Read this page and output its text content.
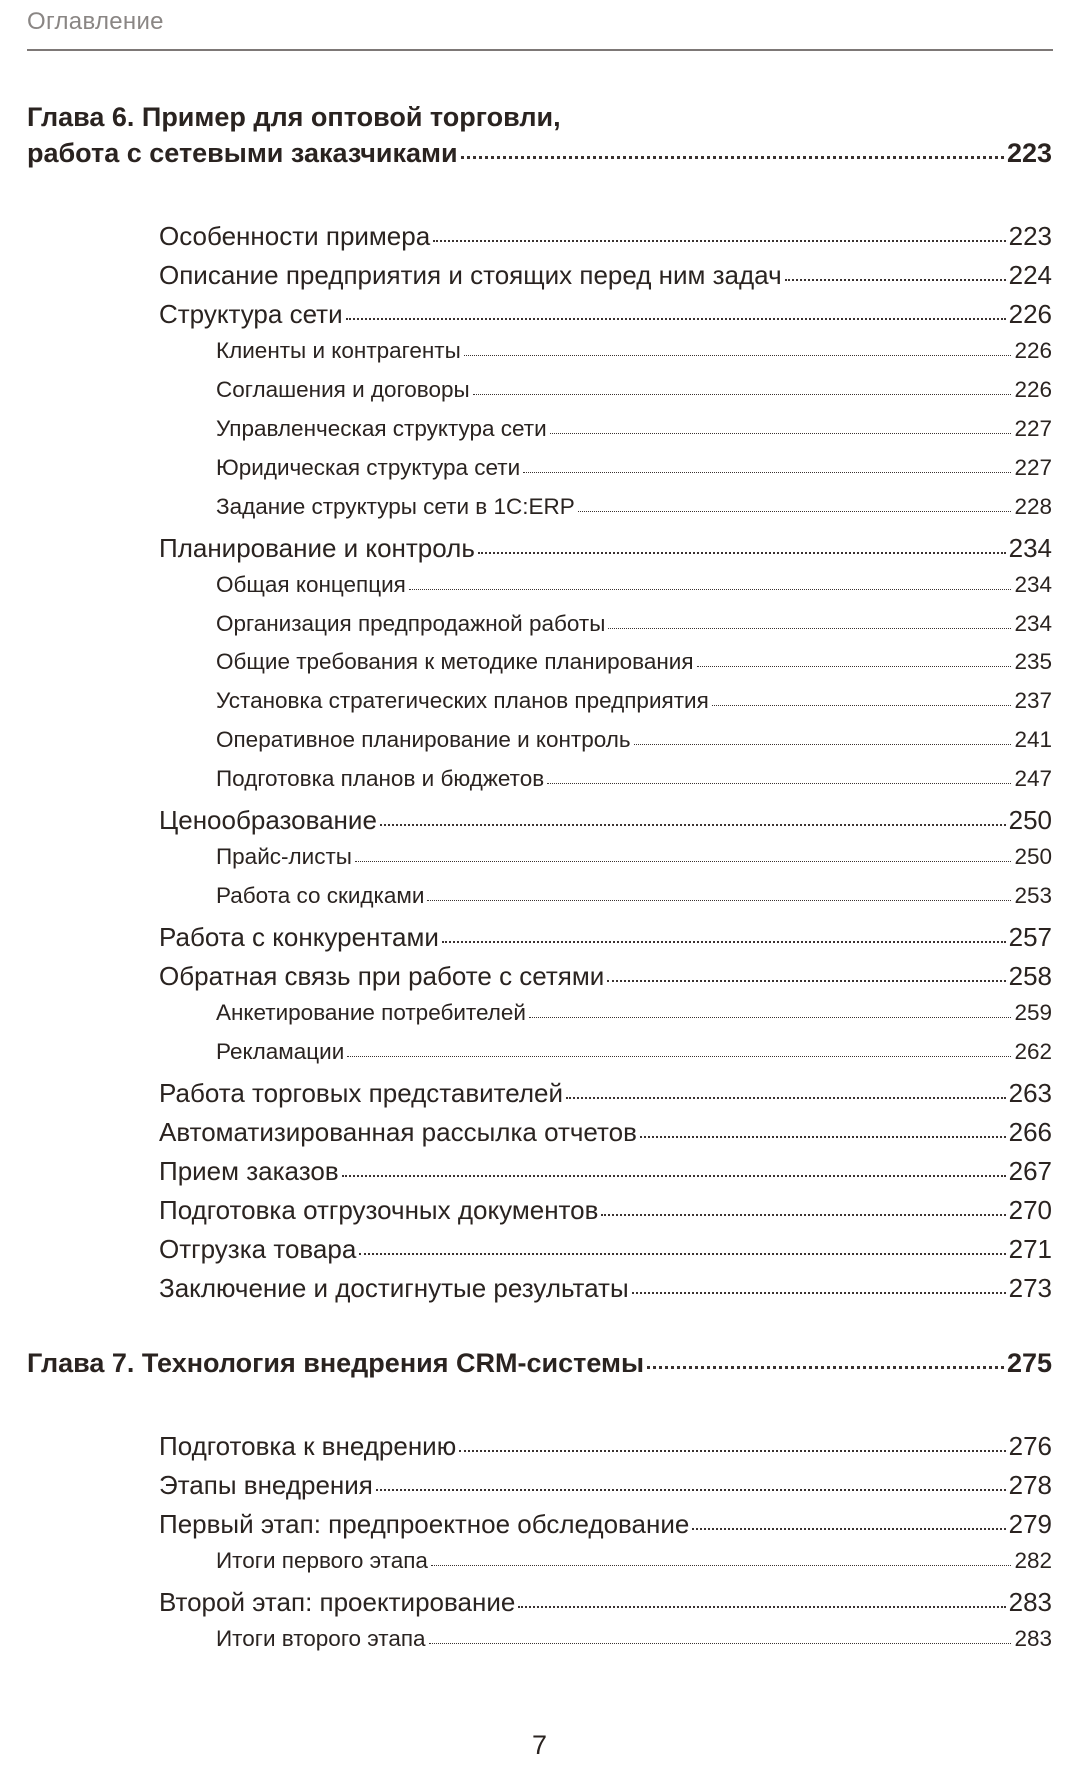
Оглавление
Глава 6. Пример для оптовой торговли,
работа с сетевыми заказчиками	223
Особенности примера	223
Описание предприятия и стоящих перед ним задач	224
Структура сети	226
Клиенты и контрагенты	226
Соглашения и договоры	226
Управленческая структура сети	227
Юридическая структура сети	227
Задание структуры сети в 1С:ERP	228
Планирование и контроль	234
Общая концепция	234
Организация предпродажной работы	234
Общие требования к методике планирования	235
Установка стратегических планов предприятия	237
Оперативное планирование и контроль	241
Подготовка планов и бюджетов	247
Ценообразование	250
Прайс-листы	250
Работа со скидками	253
Работа с конкурентами	257
Обратная связь при работе с сетями	258
Анкетирование потребителей	259
Рекламации	262
Работа торговых представителей	263
Автоматизированная рассылка отчетов	266
Прием заказов	267
Подготовка отгрузочных документов	270
Отгрузка товара	271
Заключение и достигнутые результаты	273
Глава 7. Технология внедрения CRM-системы	275
Подготовка к внедрению	276
Этапы внедрения	278
Первый этап: предпроектное обследование	279
Итоги первого этапа	282
Второй этап: проектирование	283
Итоги второго этапа	283
7
